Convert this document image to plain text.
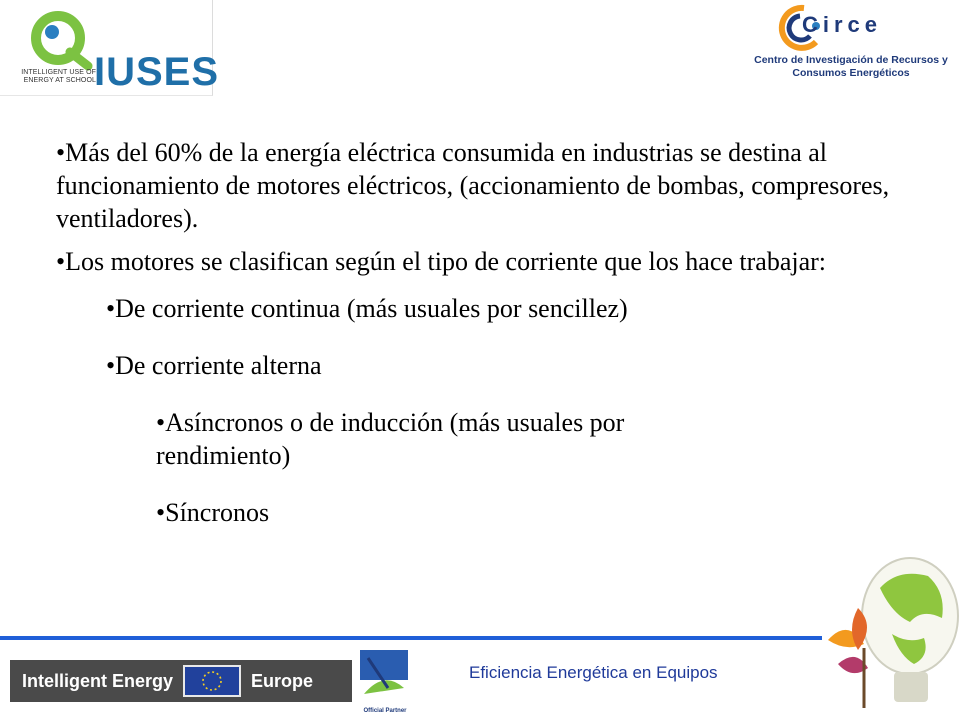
INTELLIGENT USE OF ENERGY AT SCHOOL
IUSES
Circe
Centro de Investigación de Recursos y Consumos Energéticos

•Más del 60% de la energía eléctrica consumida en industrias se destina al funcionamiento de motores eléctricos, (accionamiento de bombas, compresores, ventiladores).

•Los motores se clasifican según el tipo de corriente que los hace trabajar:

•De corriente continua (más usuales por sencillez)

•De corriente alterna

•Asíncronos o de inducción (más usuales por rendimiento)

•Síncronos

Intelligent Energy	Europe
Official Partner
Eficiencia Energética en Equipos
